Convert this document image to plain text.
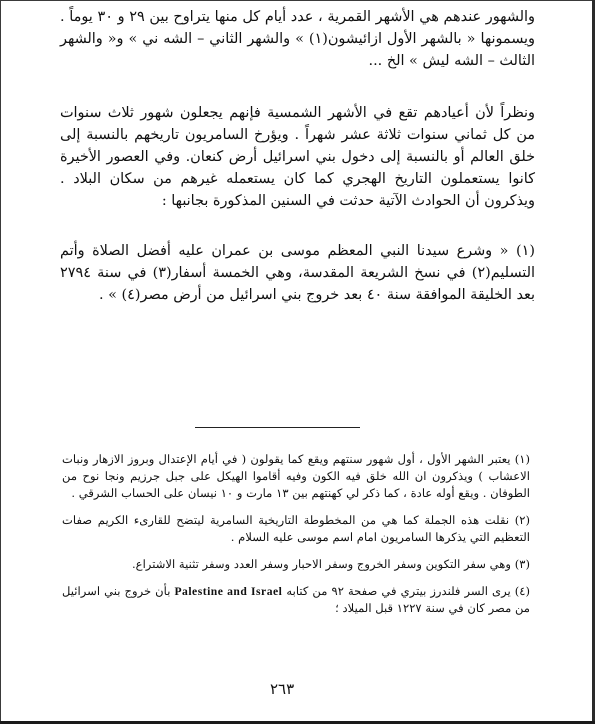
والشهور عندهم هي الأشهر القمرية ، عدد أيام كل منها يتراوح بين ٢٩ و ٣٠ يوماً . ويسمونها « بالشهر الأول ازائيشون(١) » والشهر الثاني – الشه ني » و« والشهر الثالث – الشه ليش » الخ ...

ونظراً لأن أعيادهم تقع في الأشهر الشمسية فإنهم يجعلون شهور ثلاث سنوات من كل ثماني سنوات ثلاثة عشر شهراً . ويؤرخ السامريون تاريخهم بالنسبة إلى خلق العالم أو بالنسبة إلى دخول بني اسرائيل أرض كنعان. وفي العصور الأخيرة كانوا يستعملون التاريخ الهجري كما كان يستعمله غيرهم من سكان البلاد . ويذكرون أن الحوادث الآتية حدثت في السنين المذكورة بجانبها :

(١) « وشرع سيدنا النبي المعظم موسى بن عمران عليه أفضل الصلاة وأتم التسليم(٢) في نسخ الشريعة المقدسة، وهي الخمسة أسفار(٣) في سنة ٢٧٩٤ بعد الخليقة الموافقة سنة ٤٠ بعد خروج بني اسرائيل من أرض مصر(٤) » .

(١) يعتبر الشهر الأول ، أول شهور سنتهم ويقع كما يقولون ( في أيام الإعتدال وبروز الازهار ونبات الاعشاب ) ويذكرون ان الله خلق فيه الكون وفيه أقاموا الهيكل على جبل جرزيم ونجا نوح من الطوفان . ويقع أوله عادة ، كما ذكر لي كهنتهم بين ١٣ مارت و ١٠ نيسان على الحساب الشرقي .

(٢) نقلت هذه الجملة كما هي من المخطوطة التاريخية السامرية ليتضح للقارىء الكريم صفات التعظيم التي يذكرها السامريون امام اسم موسى عليه السلام .

(٣) وهي سفر التكوين وسفر الخروج وسفر الاحبار وسفر العدد وسفر تثنية الاشتراع.

(٤) يرى السر فلندرز بيتري في صفحة ٩٢ من كتابه Palestine and Israel بأن خروج بني اسرائيل من مصر كان في سنة ١٢٢٧ قبل الميلاد ؛

٢٦٣
